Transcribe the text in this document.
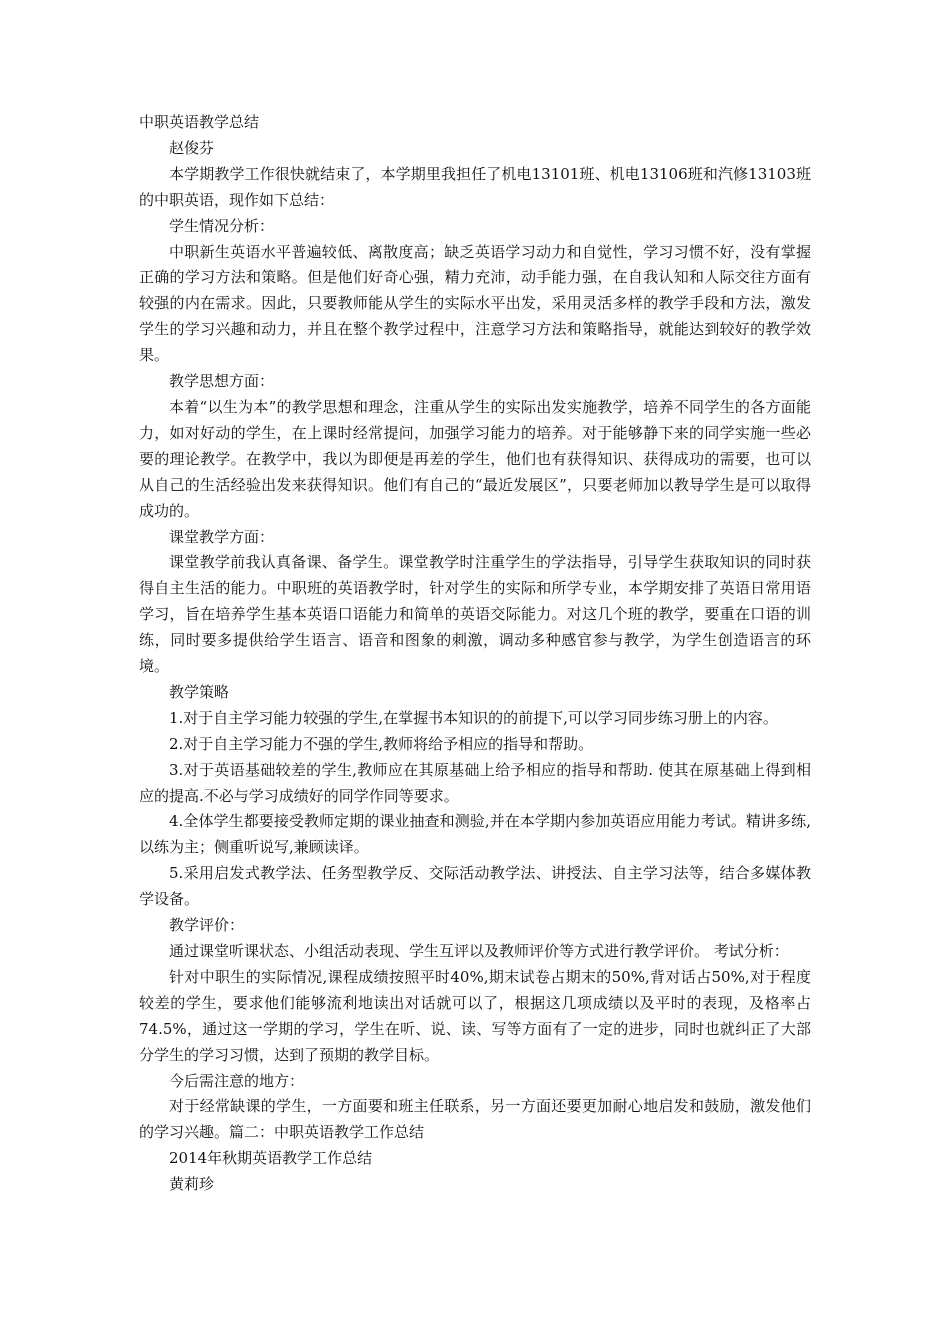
中职英语教学总结

赵俊芬

本学期教学工作很快就结束了，本学期里我担任了机电13101班、机电13106班和汽修13103班的中职英语，现作如下总结：

学生情况分析：

中职新生英语水平普遍较低、离散度高；缺乏英语学习动力和自觉性，学习习惯不好，没有掌握正确的学习方法和策略。但是他们好奇心强，精力充沛，动手能力强，在自我认知和人际交往方面有较强的内在需求。因此，只要教师能从学生的实际水平出发，采用灵活多样的教学手段和方法，激发学生的学习兴趣和动力，并且在整个教学过程中，注意学习方法和策略指导，就能达到较好的教学效果。

教学思想方面：

本着“以生为本”的教学思想和理念，注重从学生的实际出发实施教学，培养不同学生的各方面能力，如对好动的学生，在上课时经常提问，加强学习能力的培养。对于能够静下来的同学实施一些必要的理论教学。在教学中，我以为即便是再差的学生，他们也有获得知识、获得成功的需要，也可以从自己的生活经验出发来获得知识。他们有自己的“最近发展区”，只要老师加以教导学生是可以取得成功的。

课堂教学方面：

课堂教学前我认真备课、备学生。课堂教学时注重学生的学法指导，引导学生获取知识的同时获得自主生活的能力。中职班的英语教学时，针对学生的实际和所学专业，本学期安排了英语日常用语学习，旨在培养学生基本英语口语能力和简单的英语交际能力。对这几个班的教学，要重在口语的训练，同时要多提供给学生语言、语音和图象的刺激，调动多种感官参与教学，为学生创造语言的环境。

教学策略

1.对于自主学习能力较强的学生,在掌握书本知识的的前提下,可以学习同步练习册上的内容。

2.对于自主学习能力不强的学生,教师将给予相应的指导和帮助。

3.对于英语基础较差的学生,教师应在其原基础上给予相应的指导和帮助. 使其在原基础上得到相应的提高.不必与学习成绩好的同学作同等要求。

4.全体学生都要接受教师定期的课业抽查和测验,并在本学期内参加英语应用能力考试。精讲多练,以练为主；侧重听说写,兼顾读译。

5.采用启发式教学法、任务型教学反、交际活动教学法、讲授法、自主学习法等，结合多媒体教学设备。

教学评价：

通过课堂听课状态、小组活动表现、学生互评以及教师评价等方式进行教学评价。 考试分析：

针对中职生的实际情况,课程成绩按照平时40%,期末试卷占期末的50%,背对话占50%,对于程度较差的学生，要求他们能够流利地读出对话就可以了，根据这几项成绩以及平时的表现，及格率占 74.5%，通过这一学期的学习，学生在听、说、读、写等方面有了一定的进步，同时也就纠正了大部分学生的学习习惯，达到了预期的教学目标。

今后需注意的地方：

对于经常缺课的学生，一方面要和班主任联系，另一方面还要更加耐心地启发和鼓励，激发他们的学习兴趣。篇二：中职英语教学工作总结

2014年秋期英语教学工作总结

黄莉珍
